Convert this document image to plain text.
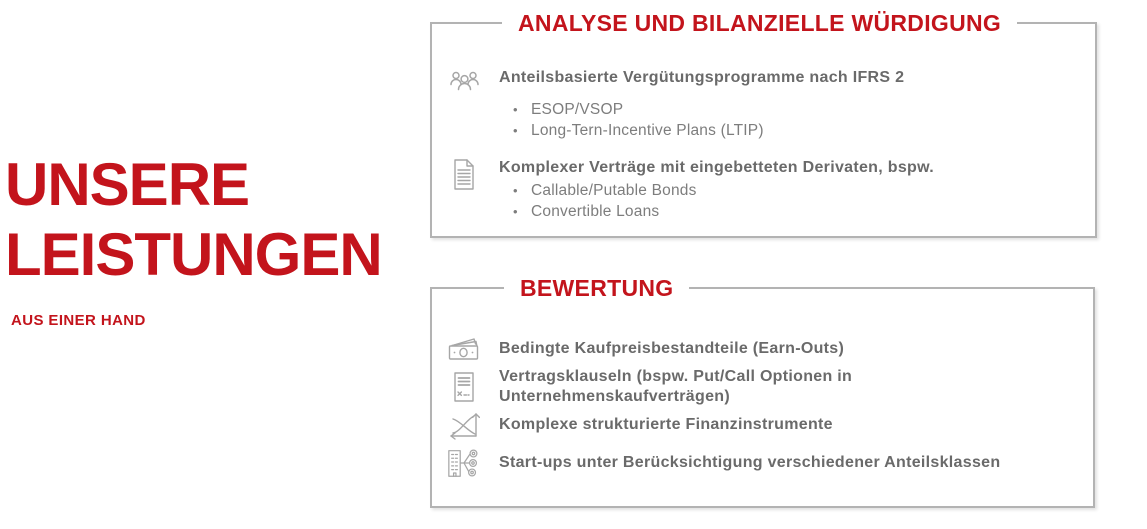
UNSERE
LEISTUNGEN
AUS EINER HAND
ANALYSE UND BILANZIELLE WÜRDIGUNG
Anteilsbasierte Vergütungsprogramme nach IFRS 2
• ESOP/VSOP
• Long-Tern-Incentive Plans (LTIP)
Komplexer Verträge mit eingebetteten Derivaten, bspw.
• Callable/Putable Bonds
• Convertible Loans
BEWERTUNG
Bedingte Kaufpreisbestandteile (Earn-Outs)
Vertragsklauseln (bspw. Put/Call Optionen in Unternehmenskaufverträgen)
Komplexe strukturierte Finanzinstrumente
Start-ups unter Berücksichtigung verschiedener Anteilsklassen
